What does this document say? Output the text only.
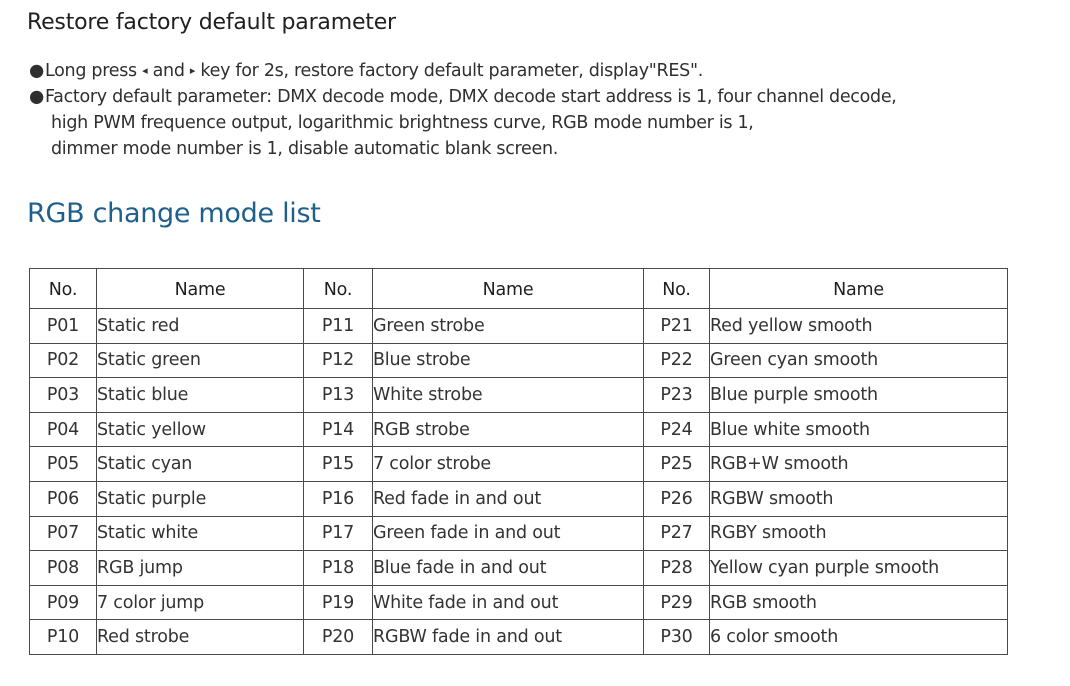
Restore factory default parameter
●Long press ◂ and ▸ key for 2s, restore factory default parameter, display"RES".
●Factory default parameter: DMX decode mode, DMX decode start address is 1, four channel decode,
high PWM frequence output, logarithmic brightness curve, RGB mode number is 1,
dimmer mode number is 1, disable automatic blank screen.
RGB change mode list
No.	Name	No.	Name	No.	Name
P01	Static red	P11	Green strobe	P21	Red yellow smooth
P02	Static green	P12	Blue strobe	P22	Green cyan smooth
P03	Static blue	P13	White strobe	P23	Blue purple smooth
P04	Static yellow	P14	RGB strobe	P24	Blue white smooth
P05	Static cyan	P15	7 color strobe	P25	RGB+W smooth
P06	Static purple	P16	Red fade in and out	P26	RGBW smooth
P07	Static white	P17	Green fade in and out	P27	RGBY smooth
P08	RGB jump	P18	Blue fade in and out	P28	Yellow cyan purple smooth
P09	7 color jump	P19	White fade in and out	P29	RGB smooth
P10	Red strobe	P20	RGBW fade in and out	P30	6 color smooth
